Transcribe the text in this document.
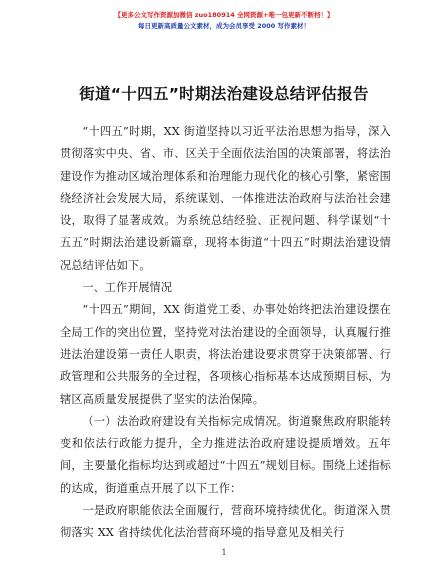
【更多公文写作资源加微信 zuo180914 全网资源+唯一包更新不断档！】
每日更新高质量公文素材，成为会员享受 2000 写作素材！
街道“十四五”时期法治建设总结评估报告

“十四五”时期，XX 街道坚持以习近平法治思想为指导，深入贯彻落实中央、省、市、区关于全面依法治国的决策部署，将法治建设作为推动区域治理体系和治理能力现代化的核心引擎，紧密围绕经济社会发展大局，系统谋划、一体推进法治政府与法治社会建设，取得了显著成效。为系统总结经验、正视问题、科学谋划“十五五”时期法治建设新篇章，现将本街道“十四五”时期法治建设情况总结评估如下。

一、工作开展情况

“十四五”期间，XX 街道党工委、办事处始终把法治建设摆在全局工作的突出位置，坚持党对法治建设的全面领导，认真履行推进法治建设第一责任人职责，将法治建设要求贯穿于决策部署、行政管理和公共服务的全过程，各项核心指标基本达成预期目标，为辖区高质量发展提供了坚实的法治保障。

（一）法治政府建设有关指标完成情况。街道聚焦政府职能转变和依法行政能力提升，全力推进法治政府建设提质增效。五年间，主要量化指标均达到或超过“十四五”规划目标。围绕上述指标的达成，街道重点开展了以下工作：

一是政府职能依法全面履行，营商环境持续优化。街道深入贯彻落实 XX 省持续优化法治营商环境的指导意见及相关行

1
